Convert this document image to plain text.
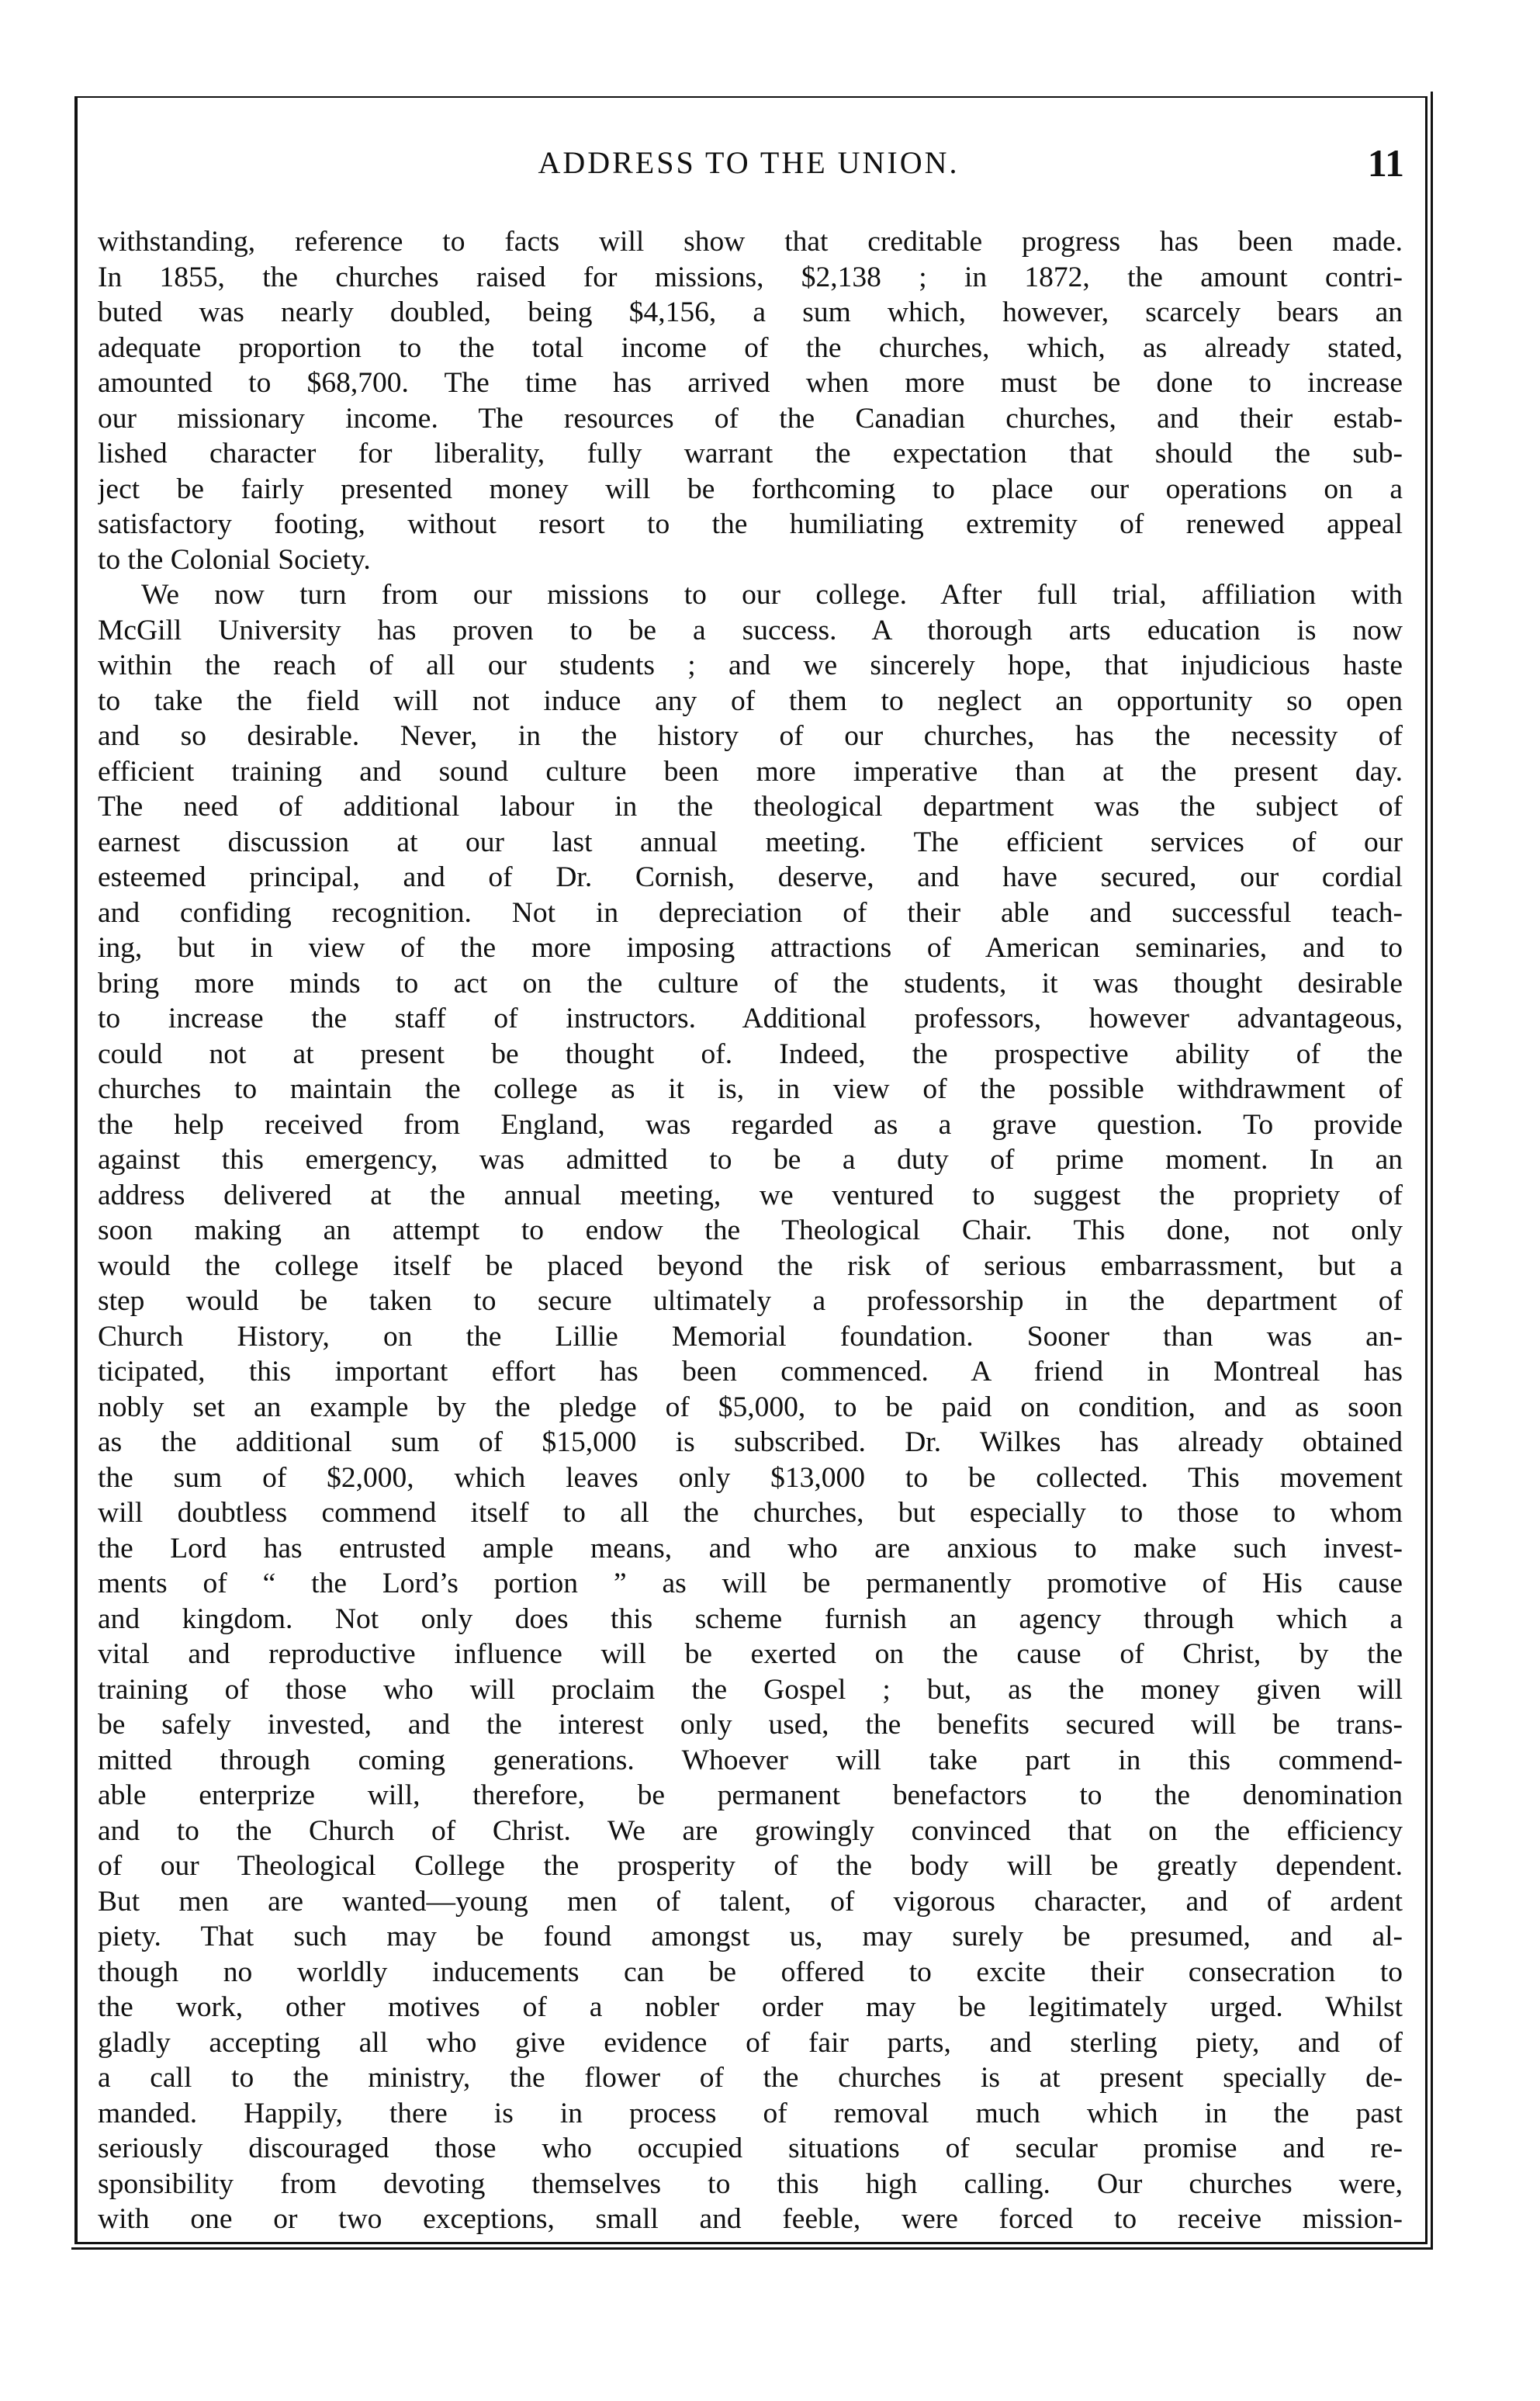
ADDRESS TO THE UNION.	11
withstanding, reference to facts will show that creditable progress has been made.
In 1855, the churches raised for missions, $2,138 ; in 1872, the amount contri-
buted was nearly doubled, being $4,156, a sum which, however, scarcely bears an
adequate proportion to the total income of the churches, which, as already stated,
amounted to $68,700. The time has arrived when more must be done to increase
our missionary income. The resources of the Canadian churches, and their estab-
lished character for liberality, fully warrant the expectation that should the sub-
ject be fairly presented money will be forthcoming to place our operations on a
satisfactory footing, without resort to the humiliating extremity of renewed appeal
to the Colonial Society.
We now turn from our missions to our college. After full trial, affiliation with
McGill University has proven to be a success. A thorough arts education is now
within the reach of all our students ; and we sincerely hope, that injudicious haste
to take the field will not induce any of them to neglect an opportunity so open
and so desirable. Never, in the history of our churches, has the necessity of
efficient training and sound culture been more imperative than at the present day.
The need of additional labour in the theological department was the subject of
earnest discussion at our last annual meeting. The efficient services of our
esteemed principal, and of Dr. Cornish, deserve, and have secured, our cordial
and confiding recognition. Not in depreciation of their able and successful teach-
ing, but in view of the more imposing attractions of American seminaries, and to
bring more minds to act on the culture of the students, it was thought desirable
to increase the staff of instructors. Additional professors, however advantageous,
could not at present be thought of. Indeed, the prospective ability of the
churches to maintain the college as it is, in view of the possible withdrawment of
the help received from England, was regarded as a grave question. To provide
against this emergency, was admitted to be a duty of prime moment. In an
address delivered at the annual meeting, we ventured to suggest the propriety of
soon making an attempt to endow the Theological Chair. This done, not only
would the college itself be placed beyond the risk of serious embarrassment, but a
step would be taken to secure ultimately a professorship in the department of
Church History, on the Lillie Memorial foundation. Sooner than was an-
ticipated, this important effort has been commenced. A friend in Montreal has
nobly set an example by the pledge of $5,000, to be paid on condition, and as soon
as the additional sum of $15,000 is subscribed. Dr. Wilkes has already obtained
the sum of $2,000, which leaves only $13,000 to be collected. This movement
will doubtless commend itself to all the churches, but especially to those to whom
the Lord has entrusted ample means, and who are anxious to make such invest-
ments of “ the Lord’s portion ” as will be permanently promotive of His cause
and kingdom. Not only does this scheme furnish an agency through which a
vital and reproductive influence will be exerted on the cause of Christ, by the
training of those who will proclaim the Gospel ; but, as the money given will
be safely invested, and the interest only used, the benefits secured will be trans-
mitted through coming generations. Whoever will take part in this commend-
able enterprize will, therefore, be permanent benefactors to the denomination
and to the Church of Christ. We are growingly convinced that on the efficiency
of our Theological College the prosperity of the body will be greatly dependent.
But men are wanted—young men of talent, of vigorous character, and of ardent
piety. That such may be found amongst us, may surely be presumed, and al-
though no worldly inducements can be offered to excite their consecration to
the work, other motives of a nobler order may be legitimately urged. Whilst
gladly accepting all who give evidence of fair parts, and sterling piety, and of
a call to the ministry, the flower of the churches is at present specially de-
manded. Happily, there is in process of removal much which in the past
seriously discouraged those who occupied situations of secular promise and re-
sponsibility from devoting themselves to this high calling. Our churches were,
with one or two exceptions, small and feeble, were forced to receive mission-
